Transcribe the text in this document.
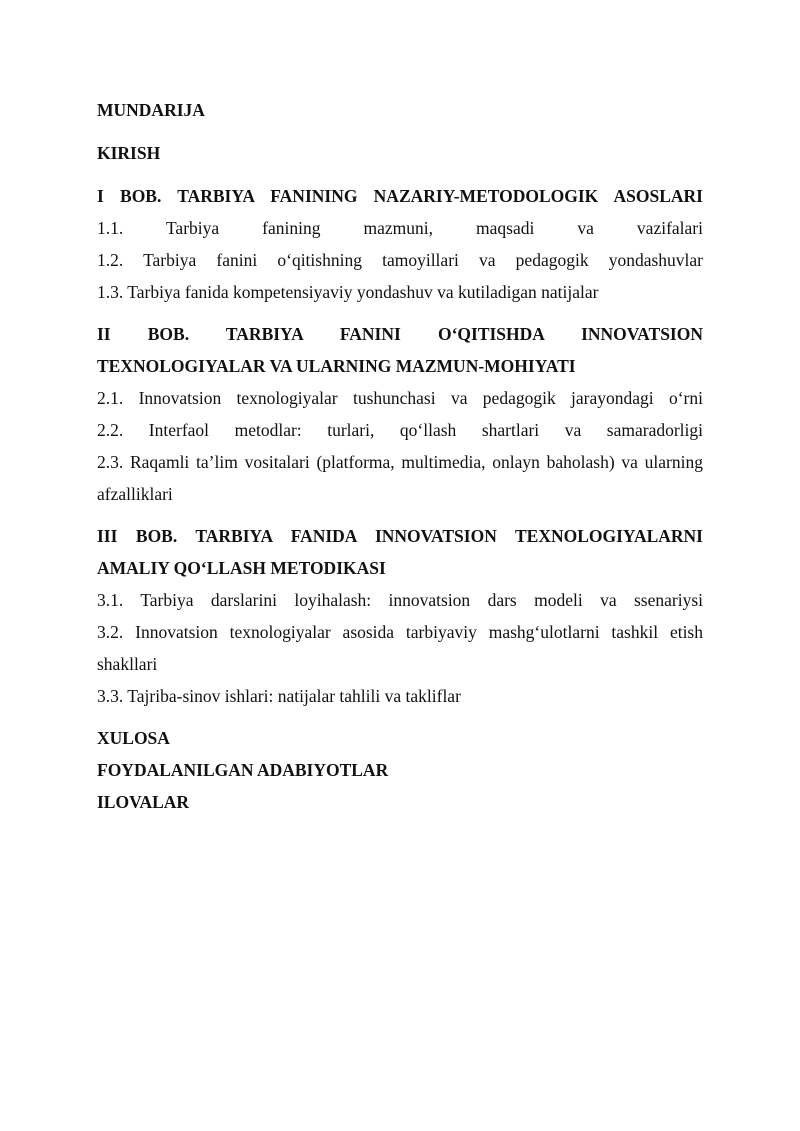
MUNDARIJA
KIRISH
I BOB. TARBIYA FANINING NAZARIY-METODOLOGIK ASOSLARI
1.1. Tarbiya fanining mazmuni, maqsadi va vazifalari
1.2. Tarbiya fanini o‘qitishning tamoyillari va pedagogik yondashuvlar
1.3. Tarbiya fanida kompetensiyaviy yondashuv va kutiladigan natijalar
II BOB. TARBIYA FANINI O‘QITISHDA INNOVATSION TEXNOLOGIYALAR VA ULARNING MAZMUN-MOHIYATI
2.1. Innovatsion texnologiyalar tushunchasi va pedagogik jarayondagi o‘rni
2.2. Interfaol metodlar: turlari, qo‘llash shartlari va samaradorligi
2.3. Raqamli ta’lim vositalari (platforma, multimedia, onlayn baholash) va ularning afzalliklari
III BOB. TARBIYA FANIDA INNOVATSION TEXNOLOGIYALARNI AMALIY QO‘LLASH METODIKASI
3.1. Tarbiya darslarini loyihalash: innovatsion dars modeli va ssenariysi
3.2. Innovatsion texnologiyalar asosida tarbiyaviy mashg‘ulotlarni tashkil etish shakllari
3.3. Tajriba-sinov ishlari: natijalar tahlili va takliflar
XULOSA
FOYDALANILGAN ADABIYOTLAR
ILOVALAR
